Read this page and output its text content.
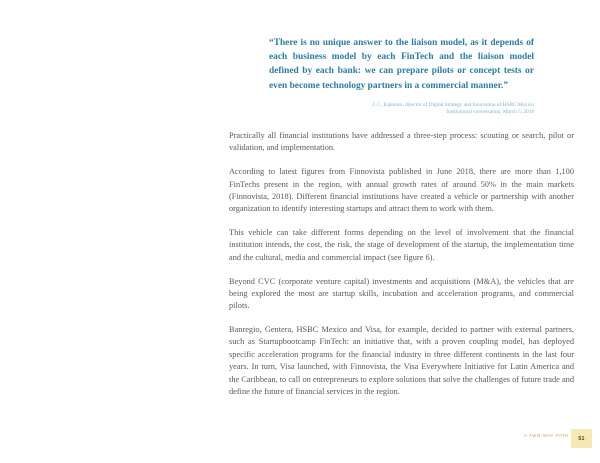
“There is no unique answer to the liaison model, as it depends of each business model by each FinTech and the liaison model defined by each bank: we can prepare pilots or concept tests or even become technology partners in a commercial manner.”
J. C. Espinosa, director of Digital Strategy and Innovation of HSBC Mexico
Institutional conversation, March 5, 2018

Practically all financial institutions have addressed a three-step process: scouting or search, pilot or validation, and implementation.

According to latest figures from Finnovista published in June 2018, there are more than 1,100 FinTechs present in the region, with annual growth rates of around 50% in the main markets (Finnovista, 2018). Different financial institutions have created a vehicle or partnership with another organization to identify interesting startups and attract them to work with them.

This vehicle can take different forms depending on the level of involvement that the financial institution intends, the cost, the risk, the stage of development of the startup, the implementation time and the cultural, media and commercial impact (see figure 6).

Beyond CVC (corporate venture capital) investments and acquisitions (M&A), the vehicles that are being explored the most are startup skills, incubation and acceleration programs, and commercial pilots.

Banregio, Gentera, HSBC Mexico and Visa, for example, decided to partner with external partners, such as Startupbootcamp FinTech: an initiative that, with a proven coupling model, has deployed specific acceleration programs for the financial industry in three different continents in the last four years. In turn, Visa launched, with Finnovista, the Visa Everywhere Initiative for Latin America and the Caribbean, to call on entrepreneurs to explore solutions that solve the challenges of future trade and define the future of financial services in the region.

A TWO-WAY PATH 51
